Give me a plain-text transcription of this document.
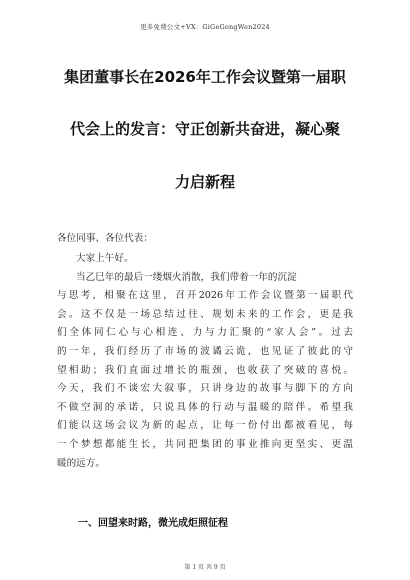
更多免费公文+VX：GiGeGongWen2024
集团董事长在2026年工作会议暨第一届职
代会上的发言：守正创新共奋进，凝心聚
力启新程
各位同事、各位代表：
大家上午好。
当乙巳年的最后一缕烟火消散，我们带着一年的沉淀
与思考，相聚在这里，召开2026年工作会议暨第一届职代
会。这不仅是一场总结过往、规划未来的工作会，更是我
们全体同仁心与心相连、力与力汇聚的“家人会”。过去
的一年，我们经历了市场的波谲云诡，也见证了彼此的守
望相助；我们直面过增长的瓶颈，也收获了突破的喜悦。
今天，我们不谈宏大叙事，只讲身边的故事与脚下的方向
不做空洞的承诺，只说具体的行动与温暖的陪伴。希望我
们能以这场会议为新的起点，让每一份付出都被看见，每
一个梦想都能生长，共同把集团的事业推向更坚实、更温
暖的远方。
一、回望来时路，微光成炬照征程
第 1 页 共 9 页
